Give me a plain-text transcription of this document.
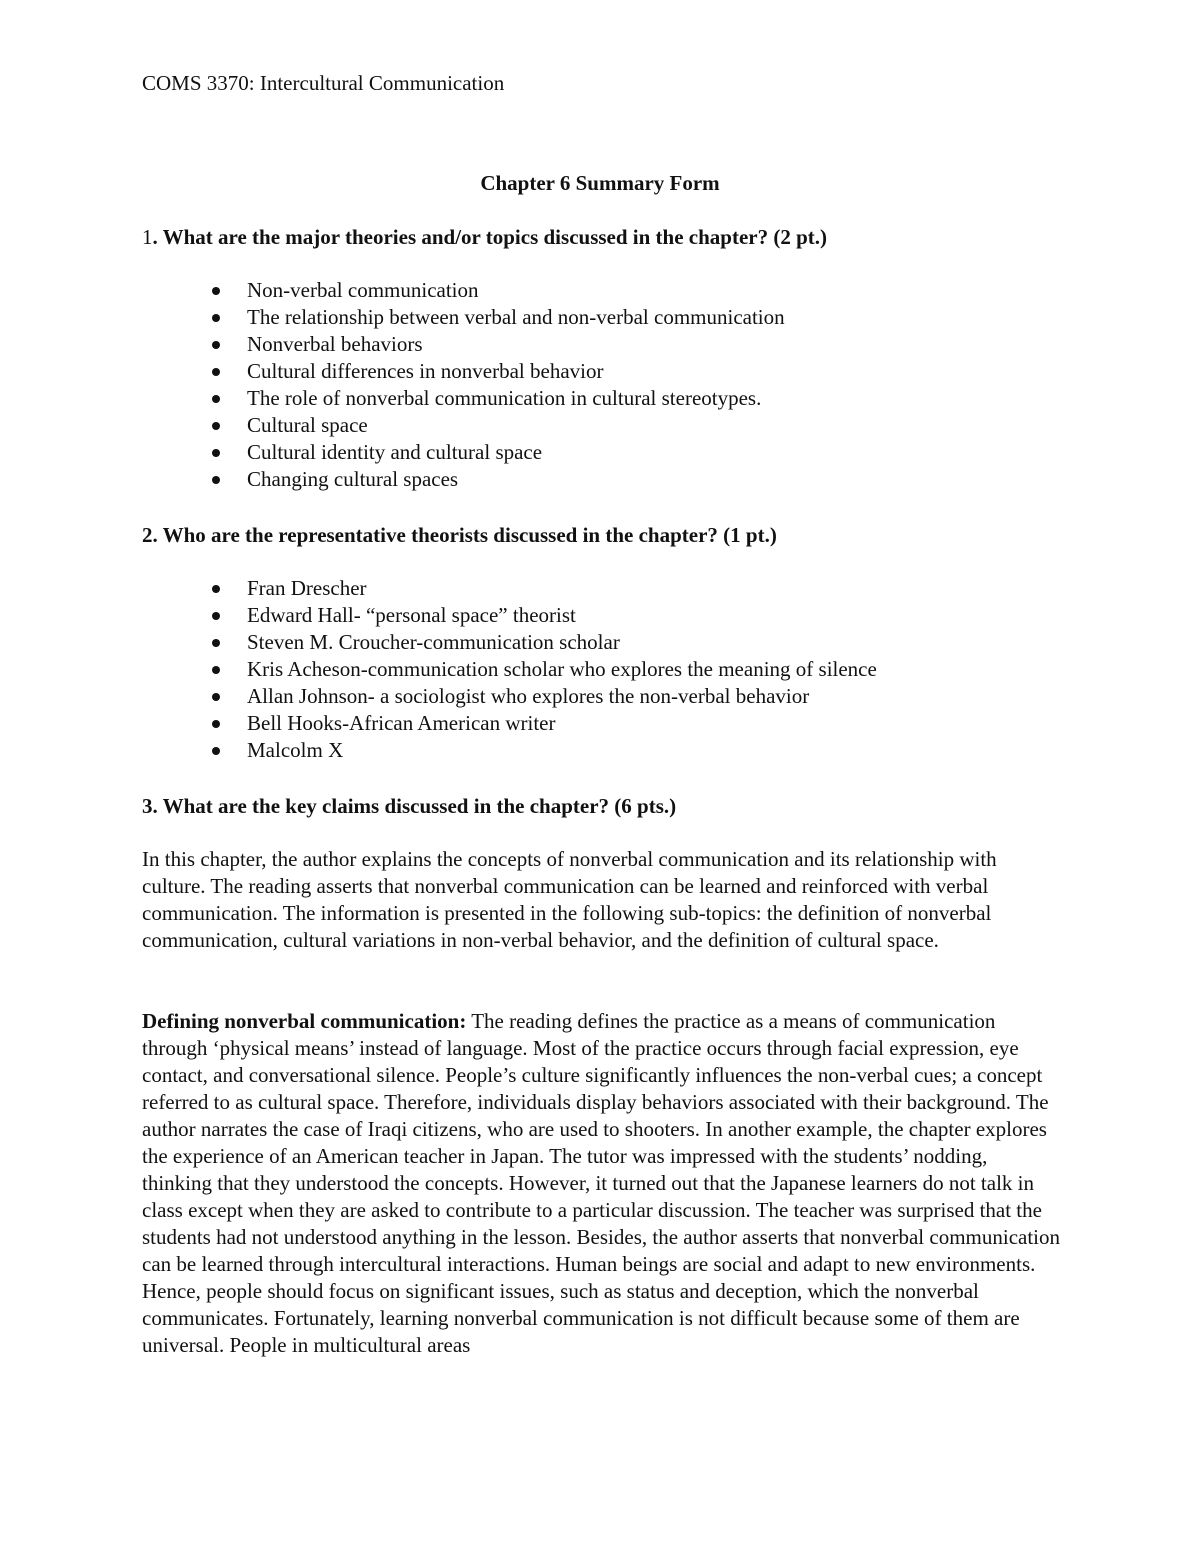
COMS 3370: Intercultural Communication
Chapter 6 Summary Form
1. What are the major theories and/or topics discussed in the chapter? (2 pt.)
Non-verbal communication
The relationship between verbal and non-verbal communication
Nonverbal behaviors
Cultural differences in nonverbal behavior
The role of nonverbal communication in cultural stereotypes.
Cultural space
Cultural identity and cultural space
Changing cultural spaces
2. Who are the representative theorists discussed in the chapter? (1 pt.)
Fran Drescher
Edward Hall- “personal space” theorist
Steven M. Croucher-communication scholar
Kris Acheson-communication scholar who explores the meaning of silence
Allan Johnson- a sociologist who explores the non-verbal behavior
Bell Hooks-African American writer
Malcolm X
3. What are the key claims discussed in the chapter? (6 pts.)

In this chapter, the author explains the concepts of nonverbal communication and its relationship with culture. The reading asserts that nonverbal communication can be learned and reinforced with verbal communication. The information is presented in the following sub-topics: the definition of nonverbal communication, cultural variations in non-verbal behavior, and the definition of cultural space.

Defining nonverbal communication: The reading defines the practice as a means of communication through ‘physical means’ instead of language. Most of the practice occurs through facial expression, eye contact, and conversational silence. People’s culture significantly influences the non-verbal cues; a concept referred to as cultural space. Therefore, individuals display behaviors associated with their background. The author narrates the case of Iraqi citizens, who are used to shooters. In another example, the chapter explores the experience of an American teacher in Japan. The tutor was impressed with the students’ nodding, thinking that they understood the concepts. However, it turned out that the Japanese learners do not talk in class except when they are asked to contribute to a particular discussion. The teacher was surprised that the students had not understood anything in the lesson. Besides, the author asserts that nonverbal communication can be learned through intercultural interactions. Human beings are social and adapt to new environments. Hence, people should focus on significant issues, such as status and deception, which the nonverbal communicates. Fortunately, learning nonverbal communication is not difficult because some of them are universal. People in multicultural areas
